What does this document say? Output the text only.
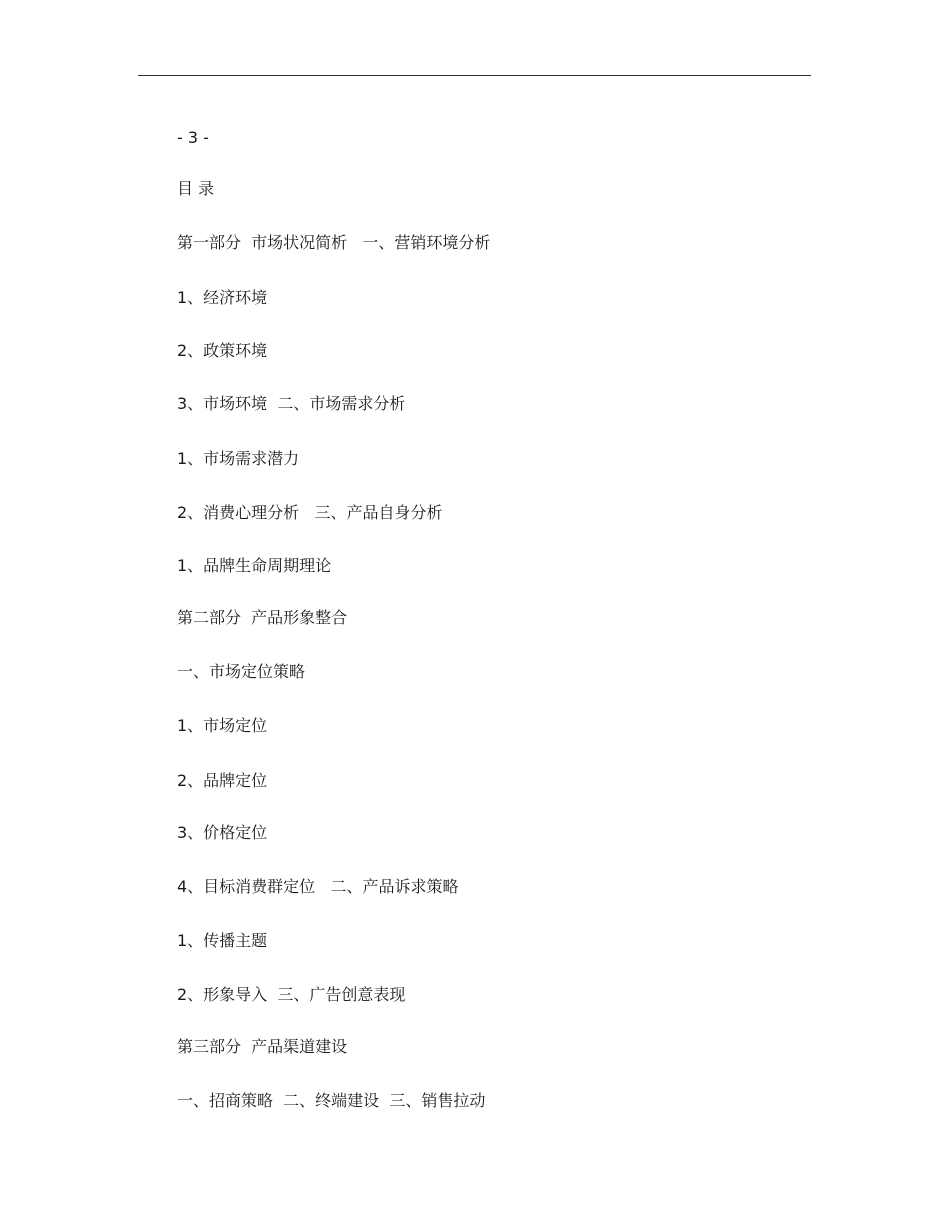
- 3 -
目 录
第一部分  市场状况简析   一、营销环境分析
1、经济环境
2、政策环境
3、市场环境  二、市场需求分析
1、市场需求潜力
2、消费心理分析   三、产品自身分析
1、品牌生命周期理论
第二部分  产品形象整合
一、市场定位策略
1、市场定位
2、品牌定位
3、价格定位
4、目标消费群定位   二、产品诉求策略
1、传播主题
2、形象导入  三、广告创意表现
第三部分  产品渠道建设
一、招商策略  二、终端建设  三、销售拉动
